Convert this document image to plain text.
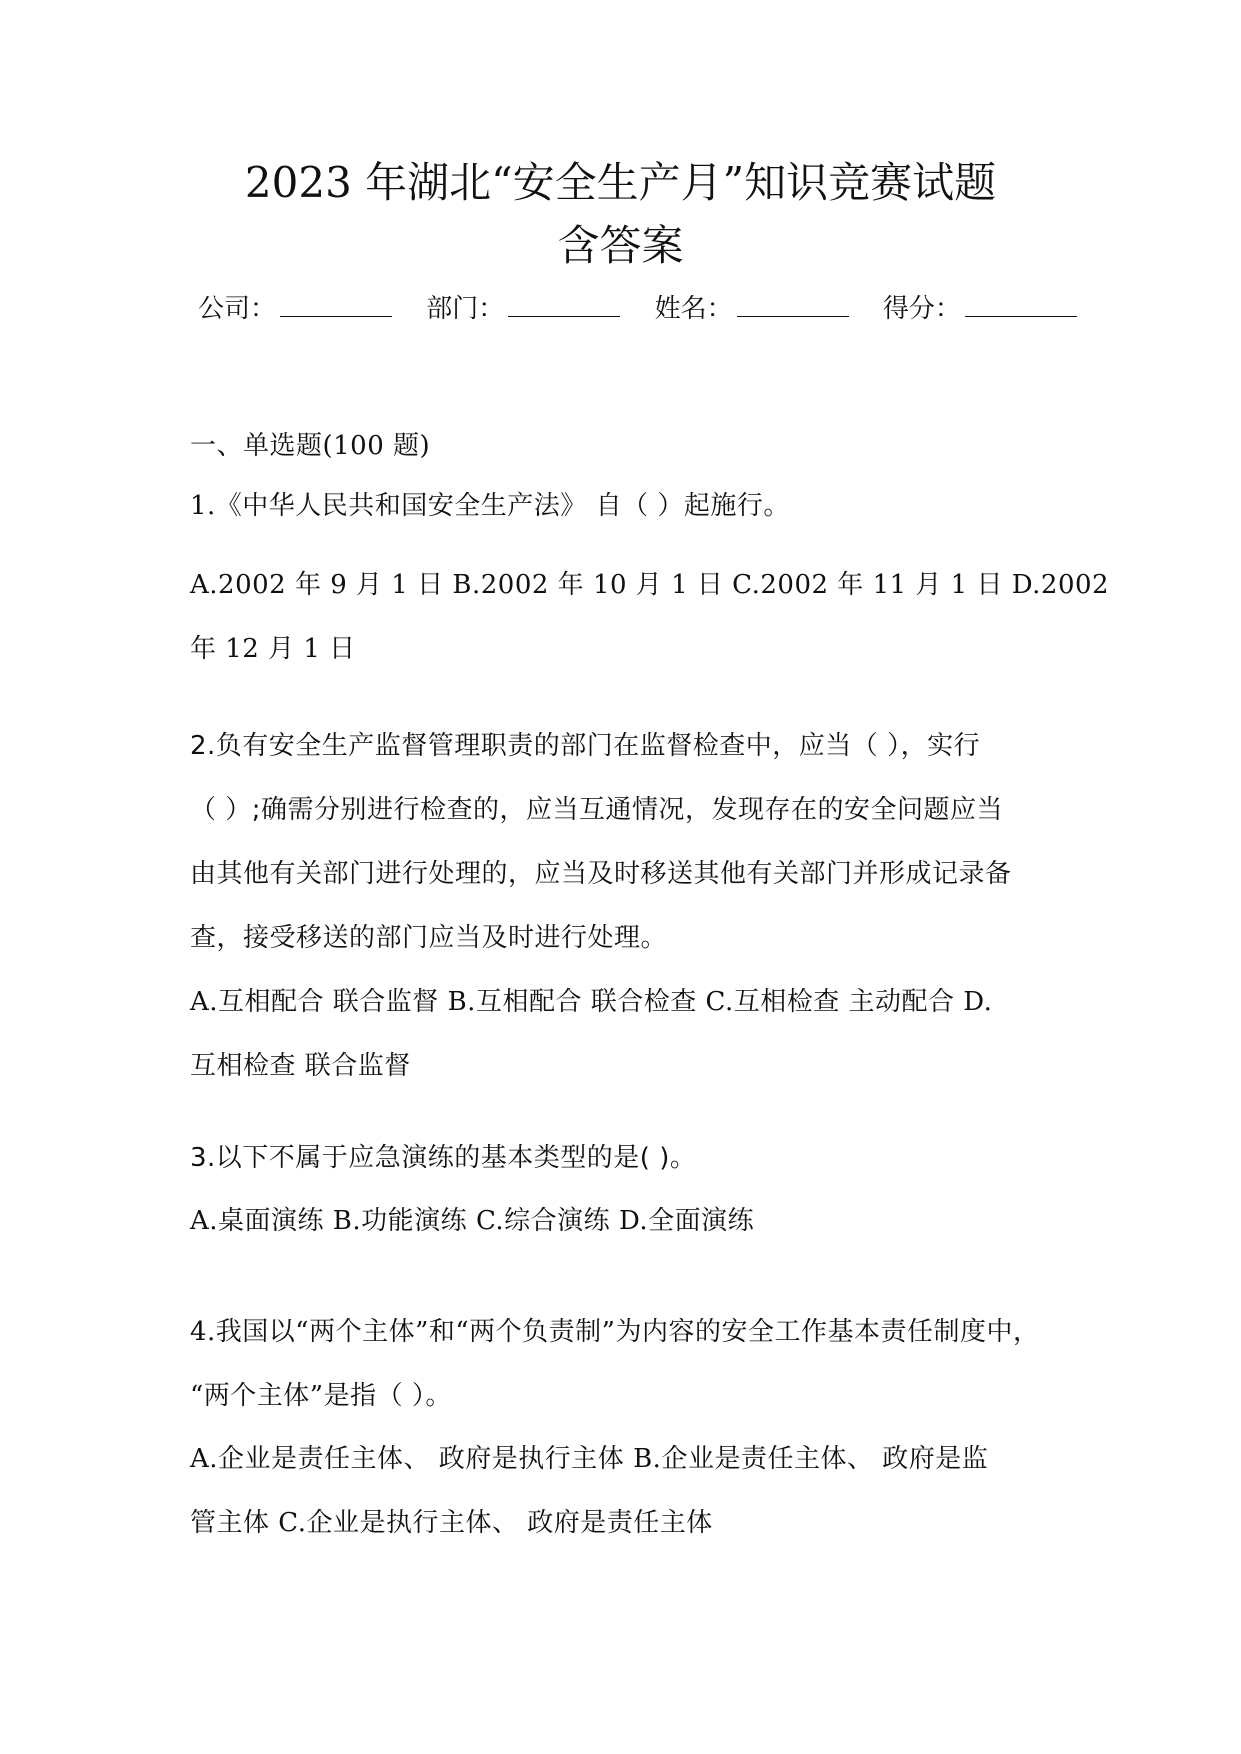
2023 年湖北“安全生产月”知识竞赛试题
含答案
公司：	部门：	姓名：	得分：
一、单选题(100 题)
1.《中华人民共和国安全生产法》 自（ ）起施行。
A.2002 年 9 月 1 日 B.2002 年 10 月 1 日 C.2002 年 11 月 1 日 D.2002
年 12 月 1 日
2.负有安全生产监督管理职责的部门在监督检查中，应当（ ），实行
（ ）;确需分别进行检查的，应当互通情况，发现存在的安全问题应当
由其他有关部门进行处理的，应当及时移送其他有关部门并形成记录备
查，接受移送的部门应当及时进行处理。
A.互相配合 联合监督 B.互相配合 联合检查 C.互相检查 主动配合 D.
互相检查 联合监督
3.以下不属于应急演练的基本类型的是( )。
A.桌面演练 B.功能演练 C.综合演练 D.全面演练
4.我国以“两个主体”和“两个负责制”为内容的安全工作基本责任制度中，
“两个主体”是指（ ）。
A.企业是责任主体、 政府是执行主体 B.企业是责任主体、 政府是监
管主体 C.企业是执行主体、 政府是责任主体
